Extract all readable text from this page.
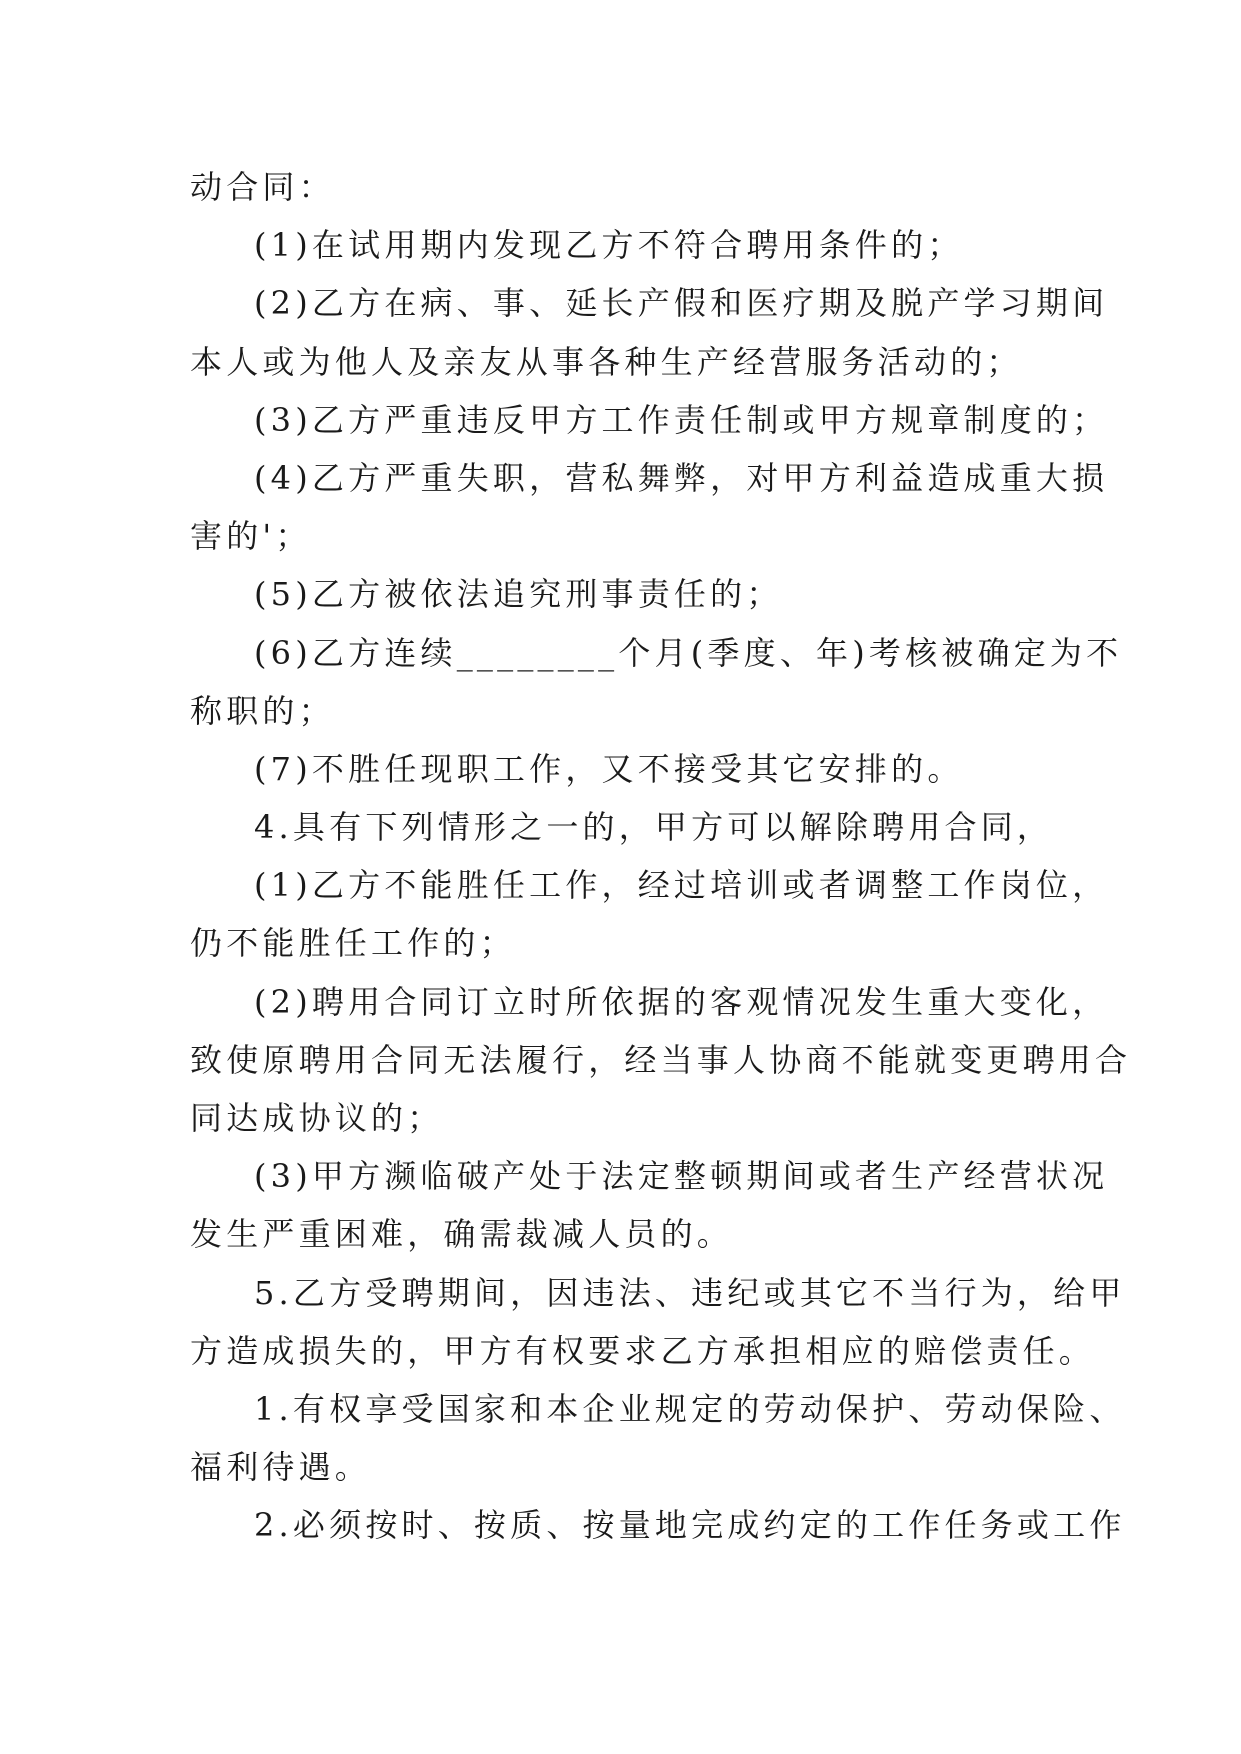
动合同：
(1)在试用期内发现乙方不符合聘用条件的；
(2)乙方在病、事、延长产假和医疗期及脱产学习期间
本人或为他人及亲友从事各种生产经营服务活动的；
(3)乙方严重违反甲方工作责任制或甲方规章制度的；
(4)乙方严重失职，营私舞弊，对甲方利益造成重大损
害的'；
(5)乙方被依法追究刑事责任的；
(6)乙方连续________个月(季度、年)考核被确定为不
称职的；
(7)不胜任现职工作，又不接受其它安排的。
4.具有下列情形之一的，甲方可以解除聘用合同，
(1)乙方不能胜任工作，经过培训或者调整工作岗位，
仍不能胜任工作的；
(2)聘用合同订立时所依据的客观情况发生重大变化，
致使原聘用合同无法履行，经当事人协商不能就变更聘用合
同达成协议的；
(3)甲方濒临破产处于法定整顿期间或者生产经营状况
发生严重困难，确需裁减人员的。
5.乙方受聘期间，因违法、违纪或其它不当行为，给甲
方造成损失的，甲方有权要求乙方承担相应的赔偿责任。
1.有权享受国家和本企业规定的劳动保护、劳动保险、
福利待遇。
2.必须按时、按质、按量地完成约定的工作任务或工作
